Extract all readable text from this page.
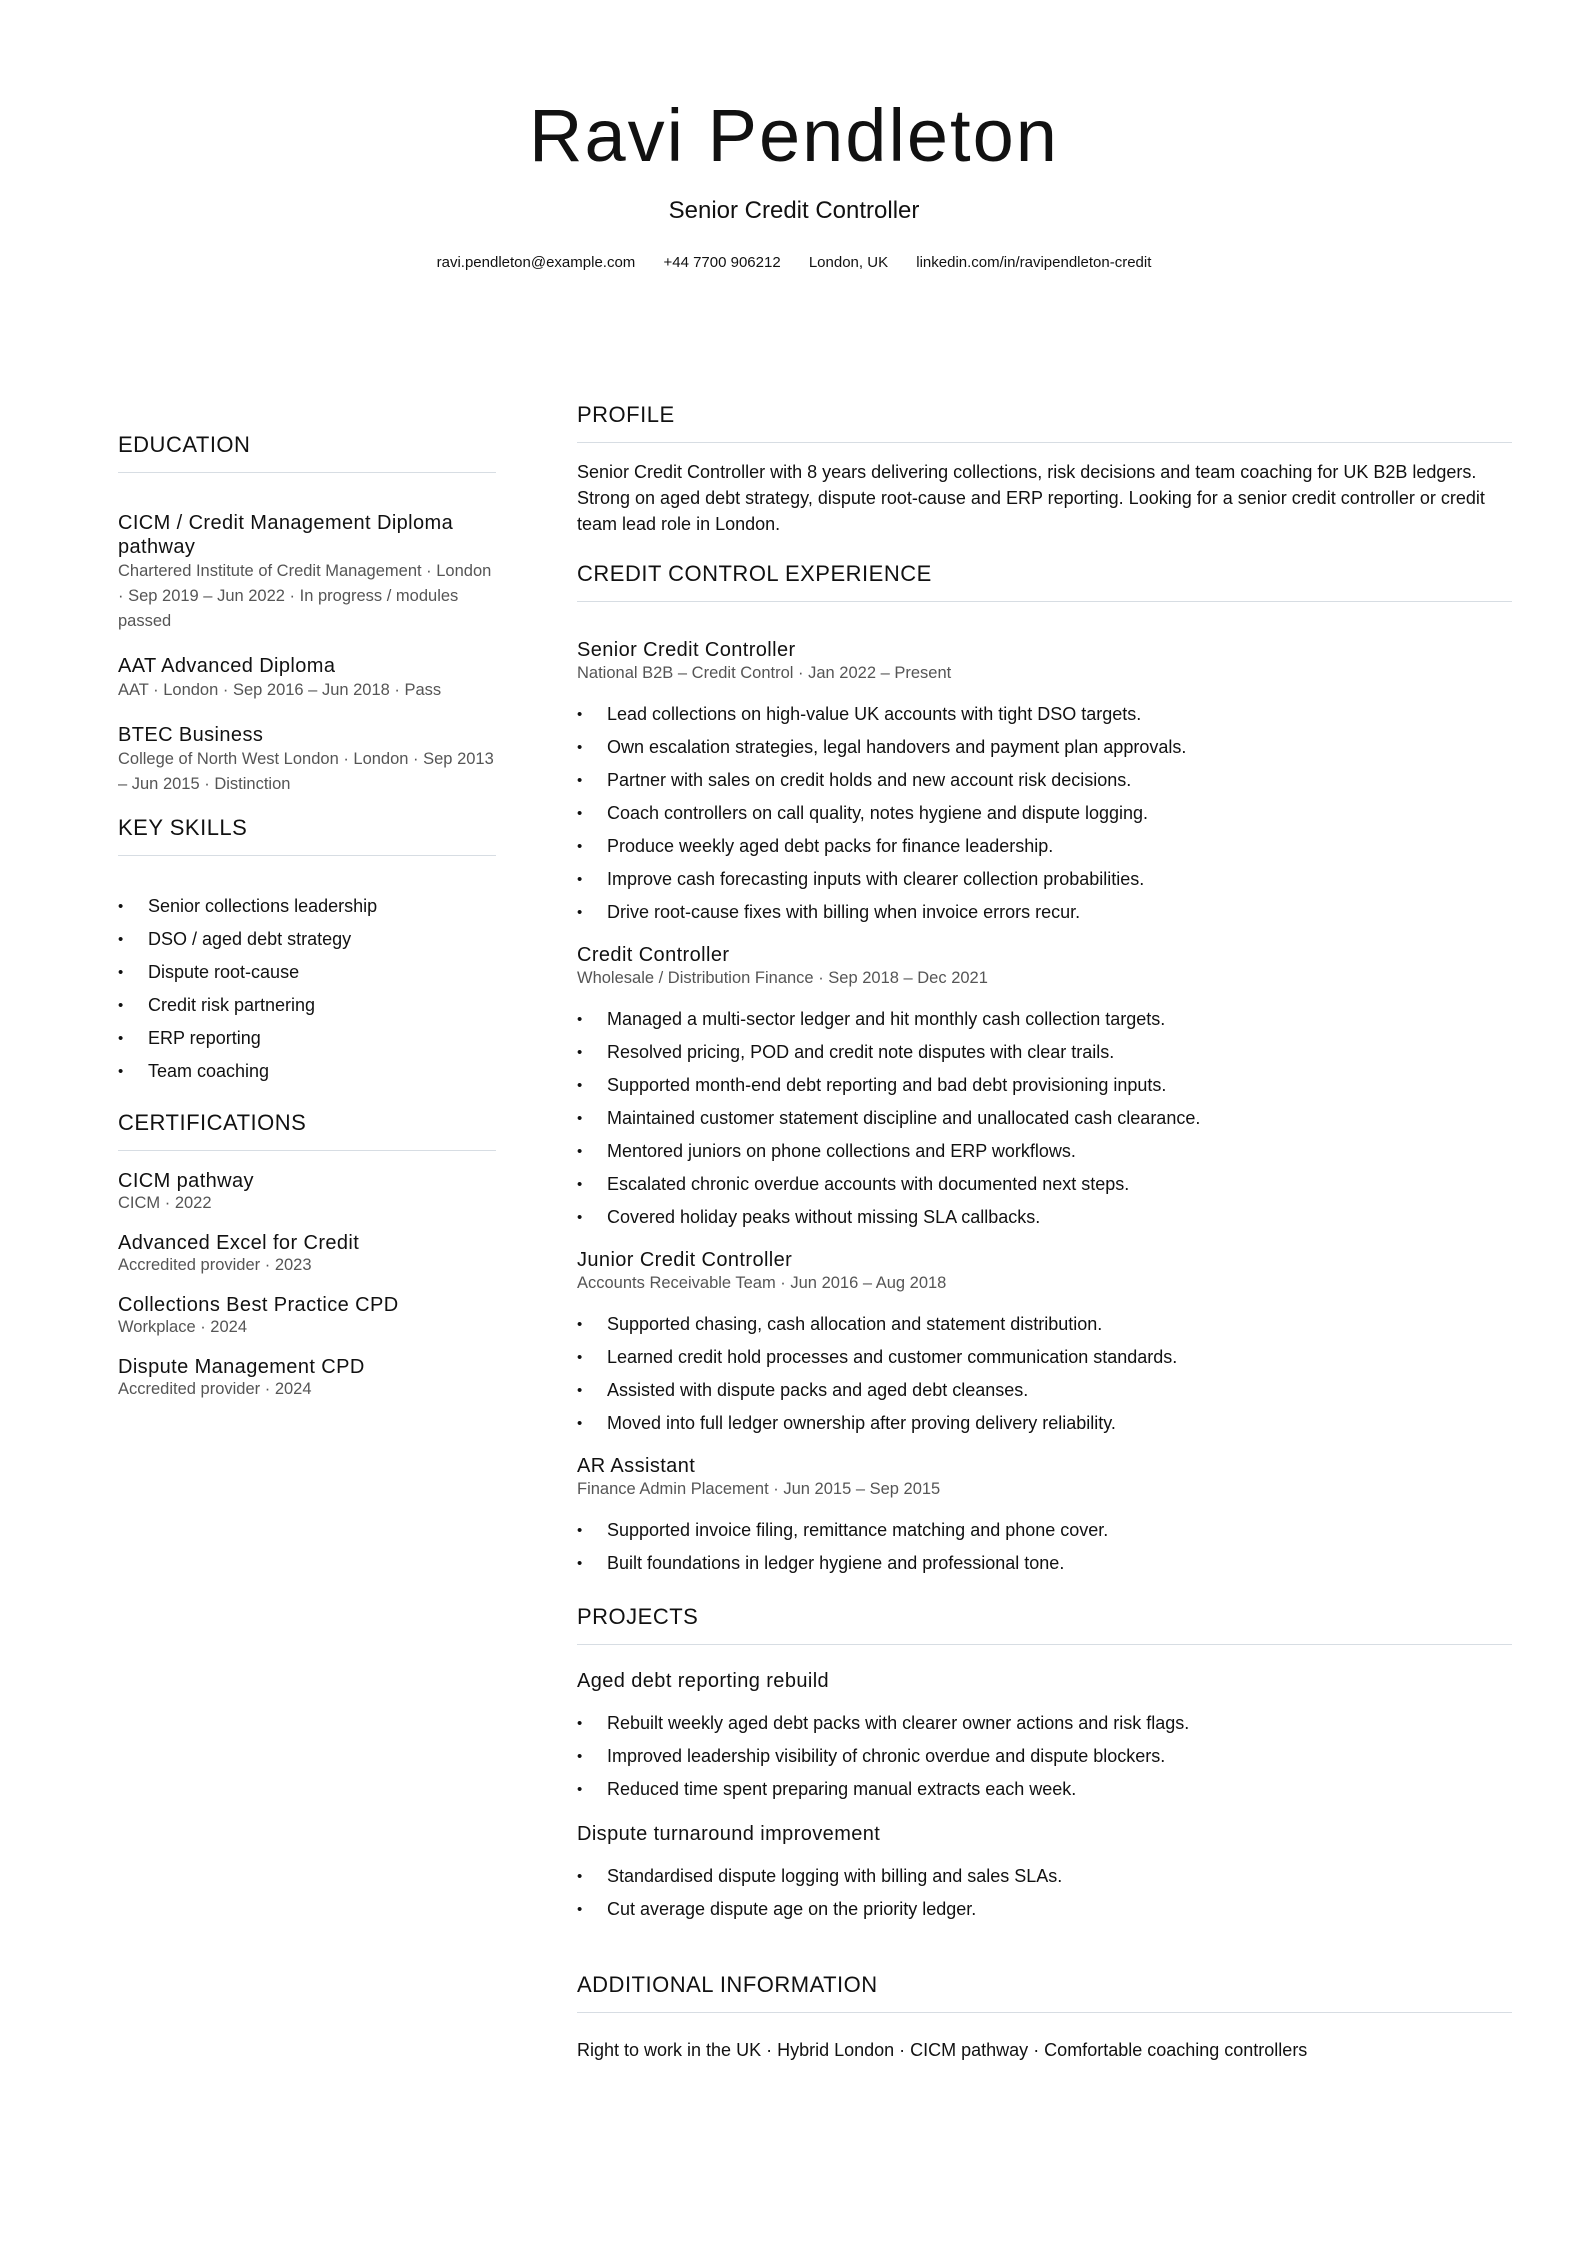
Ravi Pendleton
Senior Credit Controller
ravi.pendleton@example.com +44 7700 906212 London, UK linkedin.com/in/ravipendleton-credit
EDUCATION
CICM / Credit Management Diploma pathway
Chartered Institute of Credit Management · London · Sep 2019 – Jun 2022 · In progress / modules passed
AAT Advanced Diploma
AAT · London · Sep 2016 – Jun 2018 · Pass
BTEC Business
College of North West London · London · Sep 2013 – Jun 2015 · Distinction
KEY SKILLS
• Senior collections leadership
• DSO / aged debt strategy
• Dispute root-cause
• Credit risk partnering
• ERP reporting
• Team coaching
CERTIFICATIONS
CICM pathway
CICM · 2022
Advanced Excel for Credit
Accredited provider · 2023
Collections Best Practice CPD
Workplace · 2024
Dispute Management CPD
Accredited provider · 2024
PROFILE
Senior Credit Controller with 8 years delivering collections, risk decisions and team coaching for UK B2B ledgers. Strong on aged debt strategy, dispute root-cause and ERP reporting. Looking for a senior credit controller or credit team lead role in London.
CREDIT CONTROL EXPERIENCE
Senior Credit Controller
National B2B – Credit Control · Jan 2022 – Present
• Lead collections on high-value UK accounts with tight DSO targets.
• Own escalation strategies, legal handovers and payment plan approvals.
• Partner with sales on credit holds and new account risk decisions.
• Coach controllers on call quality, notes hygiene and dispute logging.
• Produce weekly aged debt packs for finance leadership.
• Improve cash forecasting inputs with clearer collection probabilities.
• Drive root-cause fixes with billing when invoice errors recur.
Credit Controller
Wholesale / Distribution Finance · Sep 2018 – Dec 2021
• Managed a multi-sector ledger and hit monthly cash collection targets.
• Resolved pricing, POD and credit note disputes with clear trails.
• Supported month-end debt reporting and bad debt provisioning inputs.
• Maintained customer statement discipline and unallocated cash clearance.
• Mentored juniors on phone collections and ERP workflows.
• Escalated chronic overdue accounts with documented next steps.
• Covered holiday peaks without missing SLA callbacks.
Junior Credit Controller
Accounts Receivable Team · Jun 2016 – Aug 2018
• Supported chasing, cash allocation and statement distribution.
• Learned credit hold processes and customer communication standards.
• Assisted with dispute packs and aged debt cleanses.
• Moved into full ledger ownership after proving delivery reliability.
AR Assistant
Finance Admin Placement · Jun 2015 – Sep 2015
• Supported invoice filing, remittance matching and phone cover.
• Built foundations in ledger hygiene and professional tone.
PROJECTS
Aged debt reporting rebuild
• Rebuilt weekly aged debt packs with clearer owner actions and risk flags.
• Improved leadership visibility of chronic overdue and dispute blockers.
• Reduced time spent preparing manual extracts each week.
Dispute turnaround improvement
• Standardised dispute logging with billing and sales SLAs.
• Cut average dispute age on the priority ledger.
ADDITIONAL INFORMATION
Right to work in the UK · Hybrid London · CICM pathway · Comfortable coaching controllers
